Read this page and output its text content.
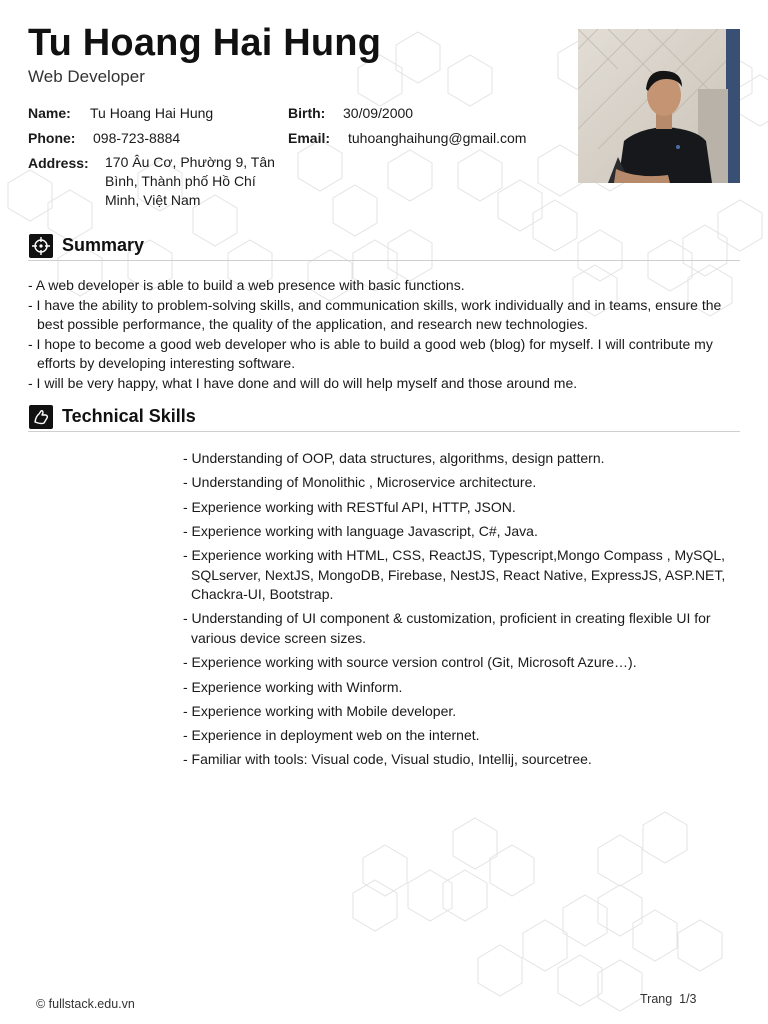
Tu Hoang Hai Hung
Web Developer
Name: Tu Hoang Hai Hung	Birth: 30/09/2000
Phone: 098-723-8884	Email: tuhoanghaihung@gmail.com
Address: 170 Âu Cơ, Phường 9, Tân
Bình, Thành phố Hồ Chí
Minh, Việt Nam
Summary
- A web developer is able to build a web presence with basic functions.
- I have the ability to problem-solving skills, and communication skills, work individually and in teams, ensure the best possible performance, the quality of the application, and research new technologies.
- I hope to become a good web developer who is able to build a good web (blog) for myself. I will contribute my efforts by developing interesting software.
- I will be very happy, what I have done and will do will help myself and those around me.
Technical Skills
- Understanding of OOP, data structures, algorithms, design pattern.
- Understanding of Monolithic , Microservice architecture.
- Experience working with RESTful API, HTTP, JSON.
- Experience working with language Javascript, C#, Java.
- Experience working with HTML, CSS, ReactJS, Typescript,Mongo Compass , MySQL, SQLserver, NextJS, MongoDB, Firebase, NestJS, React Native, ExpressJS, ASP.NET, Chackra-UI, Bootstrap.
- Understanding of UI component & customization, proficient in creating flexible UI for various device screen sizes.
- Experience working with source version control (Git, Microsoft Azure…).
- Experience working with Winform.
- Experience working with Mobile developer.
- Experience in deployment web on the internet.
- Familiar with tools: Visual code, Visual studio, Intellij, sourcetree.
© fullstack.edu.vn	Trang  1/3
